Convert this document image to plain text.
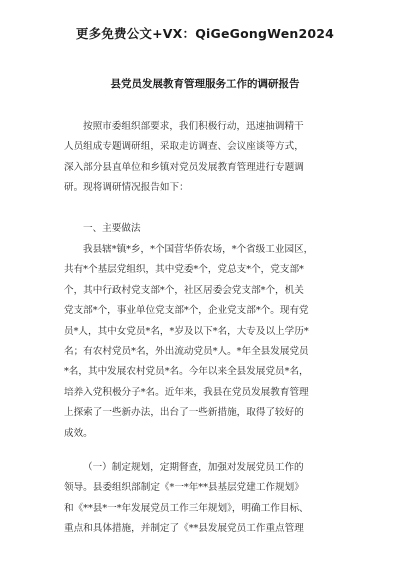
更多免费公文+VX：QiGeGongWen2024
县党员发展教育管理服务工作的调研报告
按照市委组织部要求，我们积极行动，迅速抽调精干
人员组成专题调研组，采取走访调查、会议座谈等方式，
深入部分县直单位和乡镇对党员发展教育管理进行专题调
研。现将调研情况报告如下：
一、主要做法
我县辖*镇*乡，*个国营华侨农场，*个省级工业园区，
共有*个基层党组织，其中党委*个，党总支*个，党支部*
个，其中行政村党支部*个，社区居委会党支部*个，机关
党支部*个，事业单位党支部*个，企业党支部*个。现有党
员*人，其中女党员*名，*岁及以下*名，大专及以上学历*
名；有农村党员*名，外出流动党员*人。*年全县发展党员
*名，其中发展农村党员*名。今年以来全县发展党员*名，
培养入党积极分子*名。近年来，我县在党员发展教育管理
上探索了一些新办法，出台了一些新措施，取得了较好的
成效。
（一）制定规划，定期督查，加强对发展党员工作的
领导。县委组织部制定《*一*年**县基层党建工作规划》
和《**县*一*年发展党员工作三年规划》，明确工作目标、
重点和具体措施，并制定了《**县发展党员工作重点管理
